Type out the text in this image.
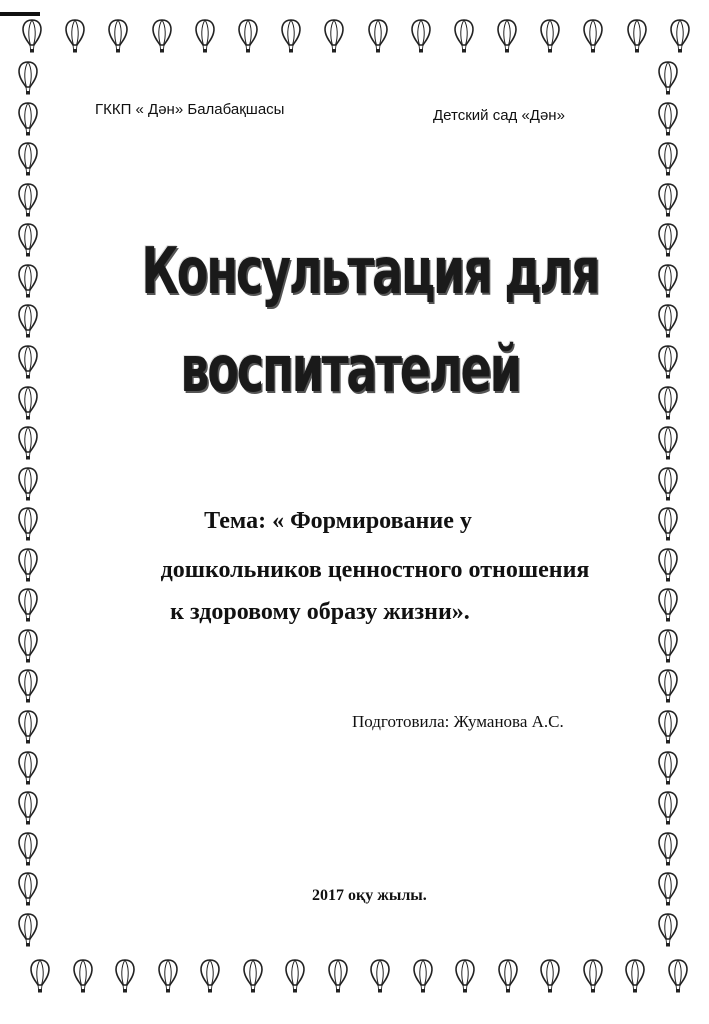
ГККП « Дән» Балабақшасы	Детский сад «Дән»
Консультация для
воспитателей
Тема: « Формирование у
дошкольников ценностного отношения
к здоровому образу жизни».
Подготовила: Жуманова А.С.
2017 оқу жылы.
